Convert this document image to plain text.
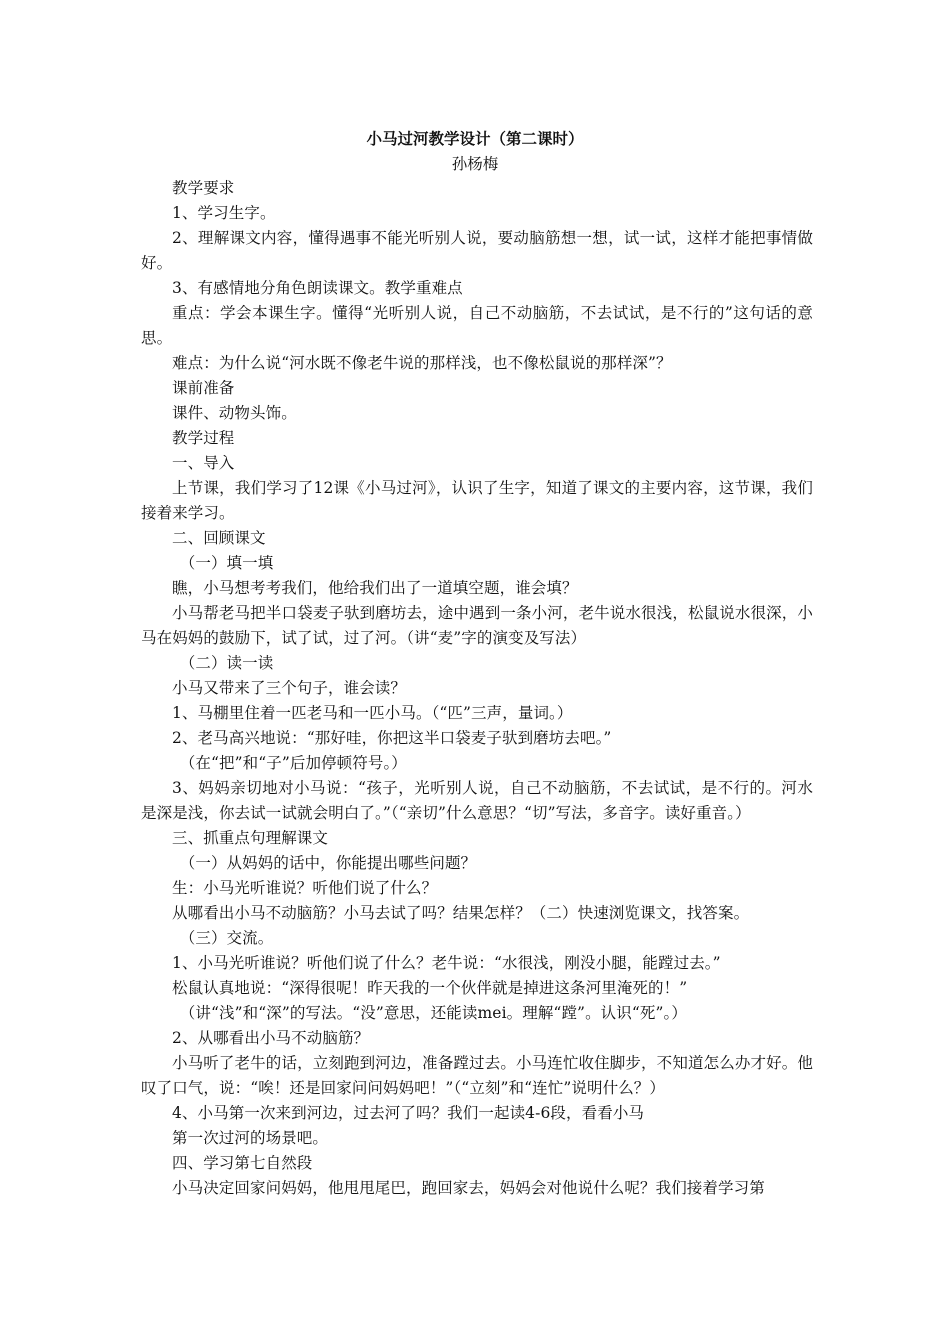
小马过河教学设计（第二课时）
孙杨梅

教学要求

1、学习生字。

2、理解课文内容，懂得遇事不能光听别人说，要动脑筋想一想，试一试，这样才能把事情做好。

3、有感情地分角色朗读课文。教学重难点

重点：学会本课生字。懂得“光听别人说，自己不动脑筋，不去试试，是不行的”这句话的意思。

难点：为什么说“河水既不像老牛说的那样浅，也不像松鼠说的那样深”？

课前准备

课件、动物头饰。

教学过程

一、导入

上节课，我们学习了12课《小马过河》，认识了生字，知道了课文的主要内容，这节课，我们接着来学习。

二、回顾课文

（一）填一填

瞧，小马想考考我们，他给我们出了一道填空题，谁会填？

小马帮老马把半口袋麦子驮到磨坊去，途中遇到一条小河，老牛说水很浅，松鼠说水很深，小马在妈妈的鼓励下，试了试，过了河。（讲“麦”字的演变及写法）

（二）读一读

小马又带来了三个句子，谁会读？

1、马棚里住着一匹老马和一匹小马。（“匹”三声，量词。）

2、老马高兴地说：“那好哇，你把这半口袋麦子驮到磨坊去吧。”

（在“把”和“子”后加停顿符号。）

3、妈妈亲切地对小马说：“孩子，光听别人说，自己不动脑筋，不去试试，是不行的。河水是深是浅，你去试一试就会明白了。”（“亲切”什么意思？“切”写法，多音字。读好重音。）

三、抓重点句理解课文

（一）从妈妈的话中，你能提出哪些问题？

生：小马光听谁说？听他们说了什么？

从哪看出小马不动脑筋？小马去试了吗？结果怎样？（二）快速浏览课文，找答案。

（三）交流。

1、小马光听谁说？听他们说了什么？老牛说：“水很浅，刚没小腿，能蹚过去。”

松鼠认真地说：“深得很呢！昨天我的一个伙伴就是掉进这条河里淹死的！”

（讲“浅”和“深”的写法。“没”意思，还能读mei。理解“蹚”。认识“死”。）

2、从哪看出小马不动脑筋？

小马听了老牛的话，立刻跑到河边，准备蹚过去。小马连忙收住脚步，不知道怎么办才好。他叹了口气，说：“唉！还是回家问问妈妈吧！”（“立刻”和“连忙”说明什么？）

4、小马第一次来到河边，过去河了吗？我们一起读4-6段，看看小马

第一次过河的场景吧。

四、学习第七自然段

小马决定回家问妈妈，他甩甩尾巴，跑回家去，妈妈会对他说什么呢？我们接着学习第
